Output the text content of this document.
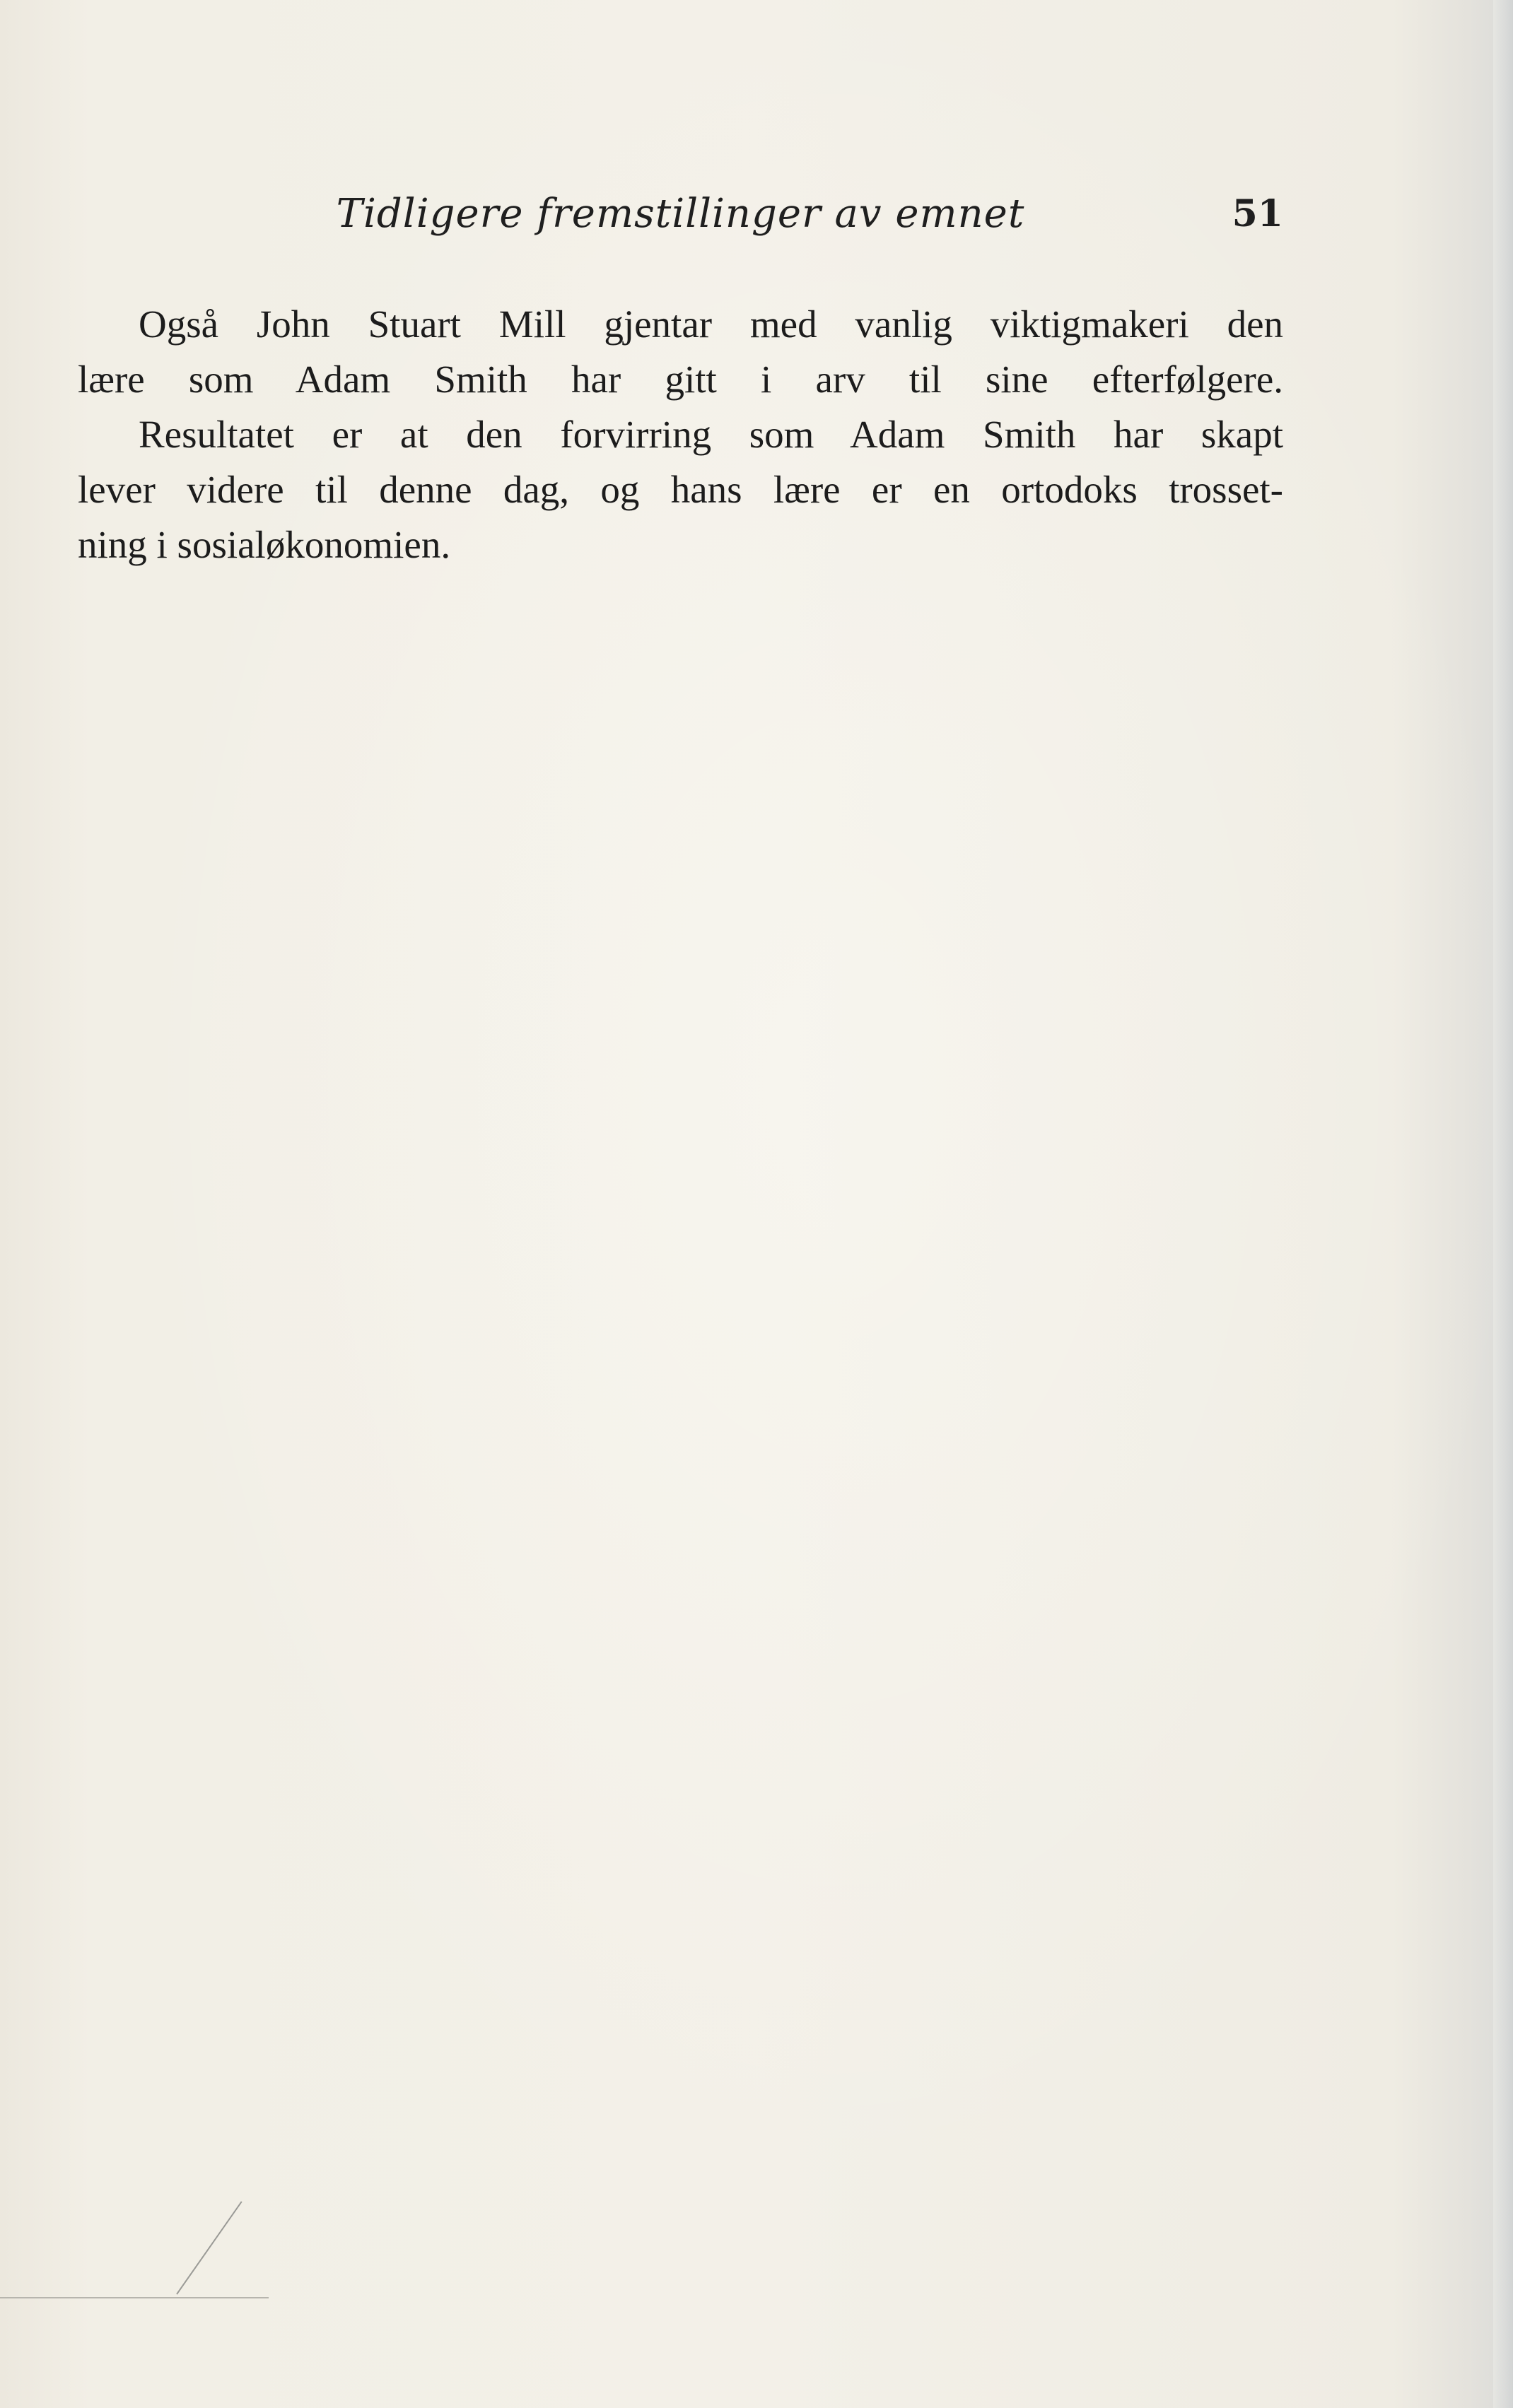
Tidligere fremstillinger av emnet	51
Også John Stuart Mill gjentar med vanlig viktigmakeri den
lære som Adam Smith har gitt i arv til sine efterfølgere.
Resultatet er at den forvirring som Adam Smith har skapt
lever videre til denne dag, og hans lære er en ortodoks trosset-
ning i sosialøkonomien.
